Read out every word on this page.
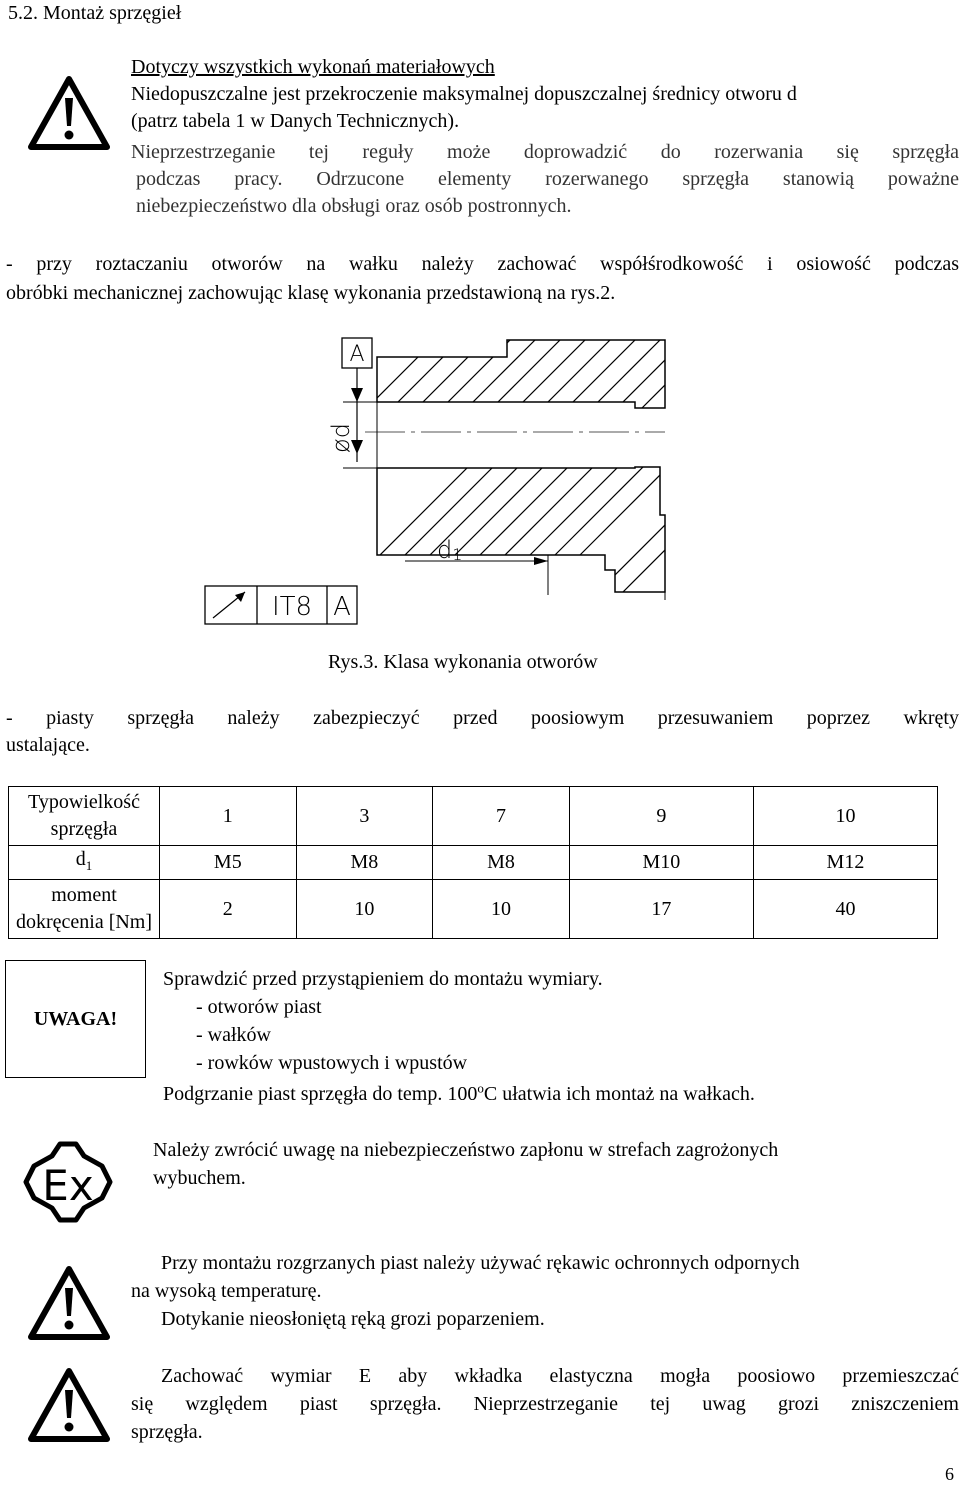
5.2. Montaż sprzęgieł
Dotyczy wszystkich wykonań materiałowych
Niedopuszczalne jest przekroczenie maksymalnej dopuszczalnej średnicy otworu d
(patrz tabela 1 w Danych Technicznych).
Nieprzestrzeganie tej reguły może doprowadzić do rozerwania się sprzęgła
podczas pracy. Odrzucone elementy rozerwanego sprzęgła stanowią poważne
niebezpieczeństwo dla obsługi oraz osób postronnych.
- przy roztaczaniu otworów na wałku należy zachować współśrodkowość i osiowość podczas
obróbki mechanicznej zachowując klasę wykonania przedstawioną na rys.2.
A
ød
d1
IT8 A
Rys.3. Klasa wykonania otworów
- piasty sprzęgła należy zabezpieczyć przed poosiowym przesuwaniem poprzez wkręty
ustalające.
Typowielkość
sprzęgła	1	3	7	9	10
$d_1$	M5	M8	M8	M10	M12

moment
dokręcenia [Nm]	2	10	10	17	40
UWAGA!
Sprawdzić przed przystąpieniem do montażu wymiary.
- otworów piast
- wałków
- rowków wpustowych i wpustów
Podgrzanie piast sprzęgła do temp. 100$^o$C ułatwia ich montaż na wałkach.
Ex
Należy zwrócić uwagę na niebezpieczeństwo zapłonu w strefach zagrożonych
wybuchem.
Przy montażu rozgrzanych piast należy używać rękawic ochronnych odpornych
na wysoką temperaturę.
Dotykanie nieosłoniętą ręką grozi poparzeniem.
Zachować wymiar E aby wkładka elastyczna mogła poosiowo przemieszczać
się względem piast sprzęgła. Nieprzestrzeganie tej uwag grozi zniszczeniem
sprzęgła.
6
